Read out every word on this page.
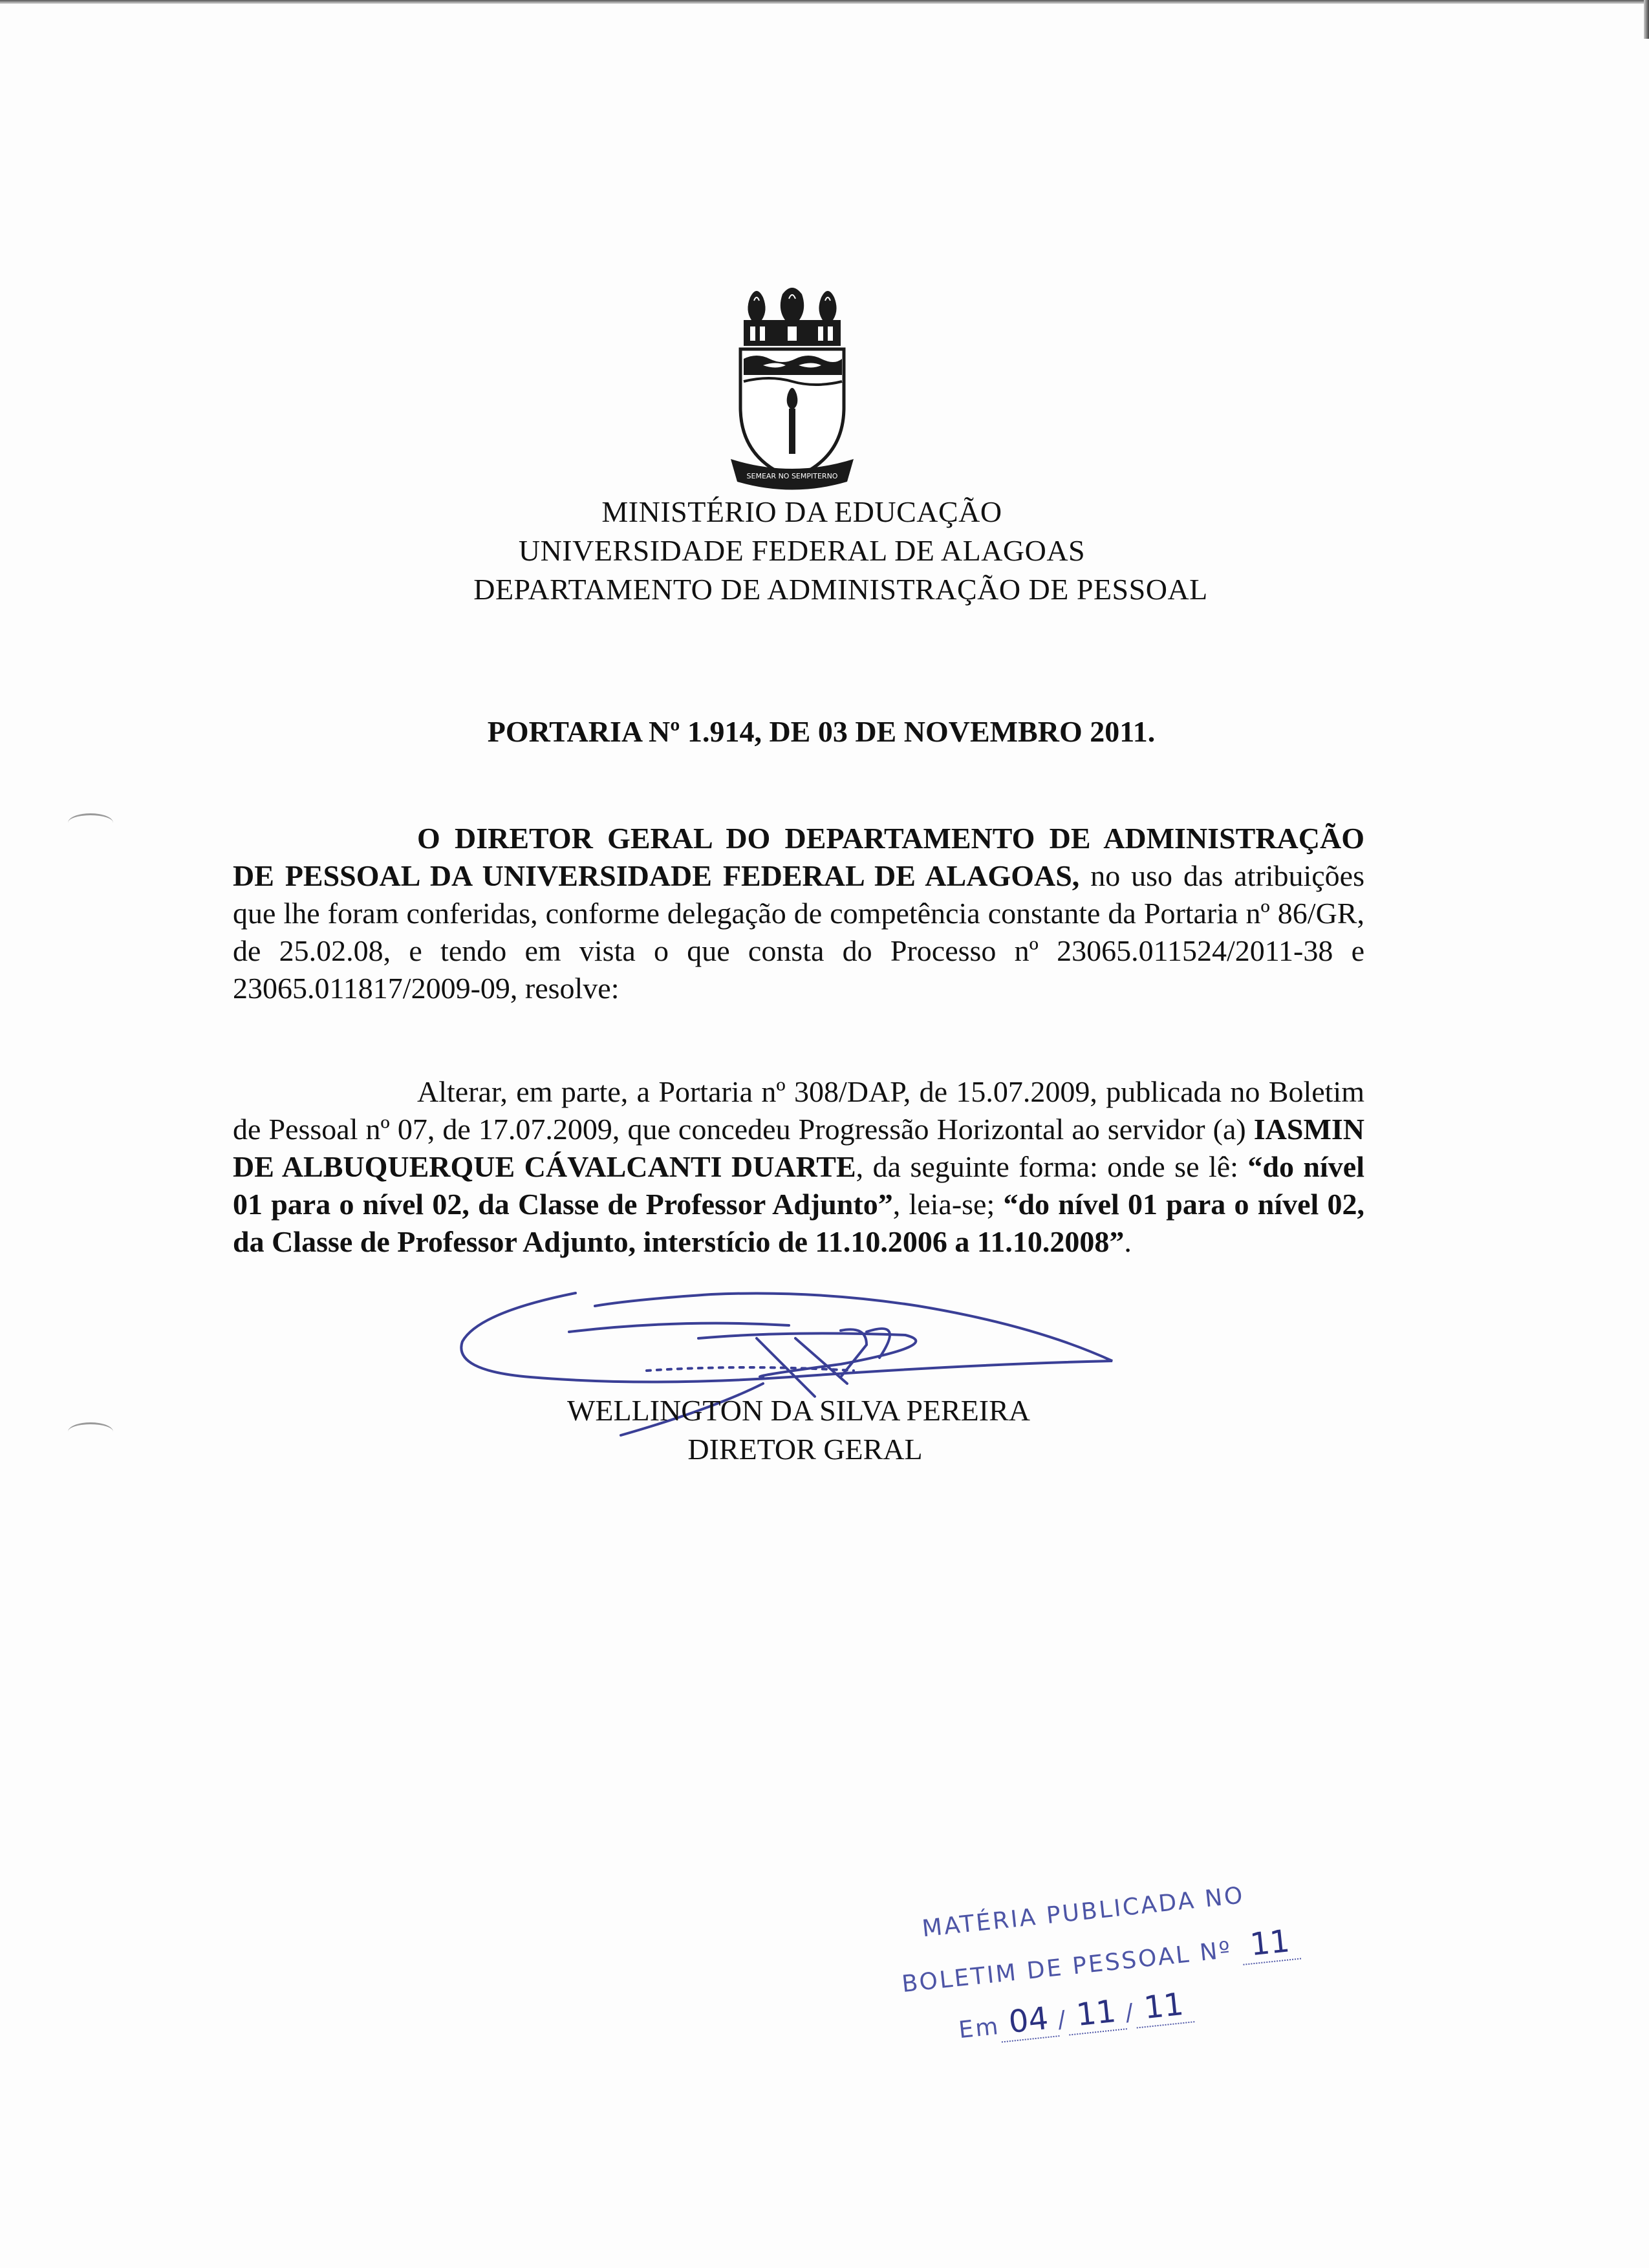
SEMEAR NO SEMPITERNO
MINISTÉRIO DA EDUCAÇÃO
UNIVERSIDADE FEDERAL DE ALAGOAS
DEPARTAMENTO DE ADMINISTRAÇÃO DE PESSOAL
PORTARIA Nº 1.914, DE 03 DE NOVEMBRO 2011.
O DIRETOR GERAL DO DEPARTAMENTO DE ADMINISTRAÇÃO DE PESSOAL DA UNIVERSIDADE FEDERAL DE ALAGOAS, no uso das atribuições que lhe foram conferidas, conforme delegação de competência constante da Portaria nº 86/GR, de 25.02.08, e tendo em vista o que consta do Processo nº 23065.011524/2011-38 e 23065.011817/2009-09, resolve:
Alterar, em parte, a Portaria nº 308/DAP, de 15.07.2009, publicada no Boletim de Pessoal nº 07, de 17.07.2009, que concedeu Progressão Horizontal ao servidor (a) IASMIN DE ALBUQUERQUE CÁVALCANTI DUARTE, da seguinte forma: onde se lê: “do nível 01 para o nível 02, da Classe de Professor Adjunto”, leia-se; “do nível 01 para o nível 02, da Classe de Professor Adjunto, interstício de 11.10.2006 a 11.10.2008”.
WELLINGTON DA SILVA PEREIRA
DIRETOR GERAL
MATÉRIA PUBLICADA NO
BOLETIM DE PESSOAL Nº 11
Em 04 / 11 / 11
